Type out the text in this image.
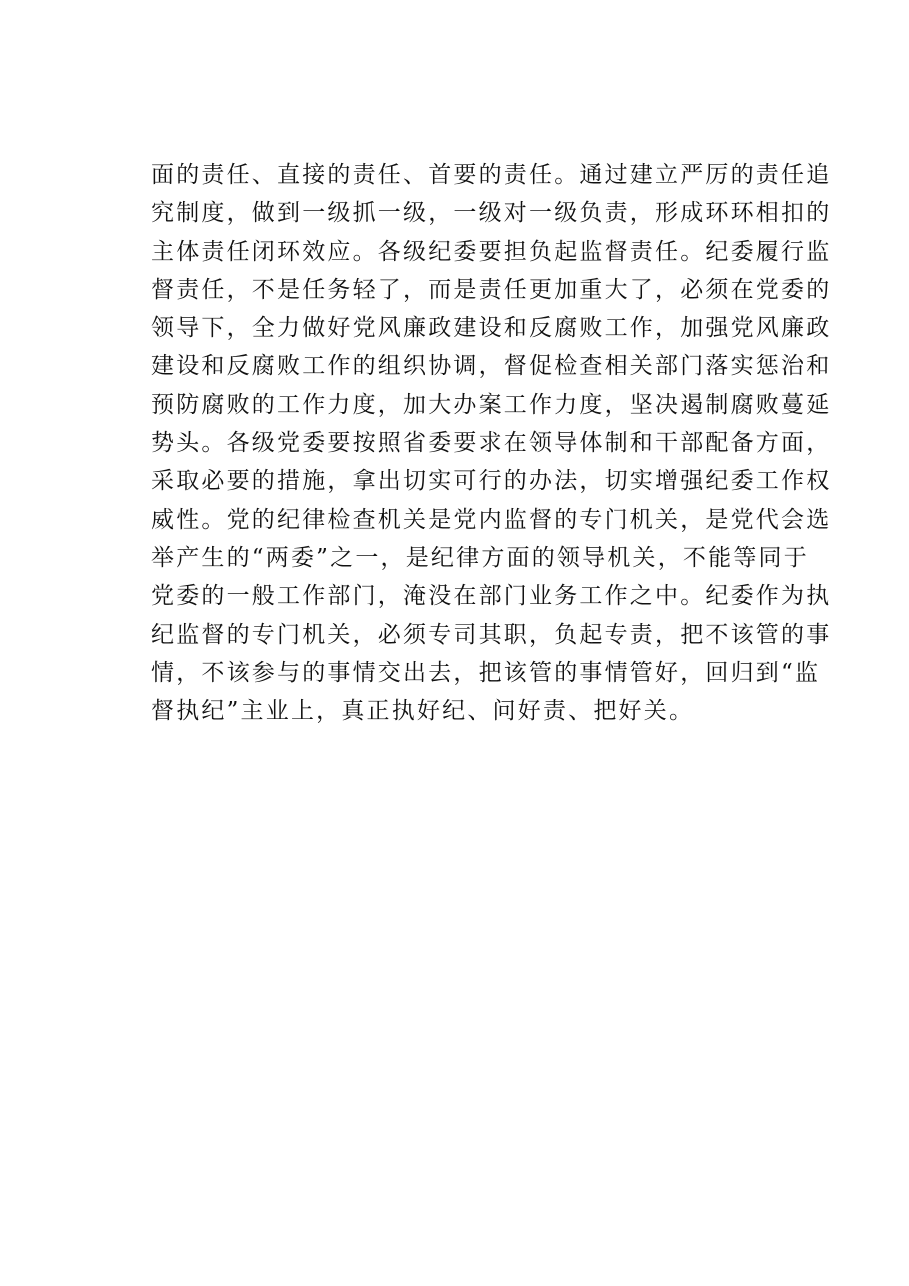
面的责任、直接的责任、首要的责任。通过建立严厉的责任追
究制度，做到一级抓一级，一级对一级负责，形成环环相扣的
主体责任闭环效应。各级纪委要担负起监督责任。纪委履行监
督责任，不是任务轻了，而是责任更加重大了，必须在党委的
领导下，全力做好党风廉政建设和反腐败工作，加强党风廉政
建设和反腐败工作的组织协调，督促检查相关部门落实惩治和
预防腐败的工作力度，加大办案工作力度，坚决遏制腐败蔓延
势头。各级党委要按照省委要求在领导体制和干部配备方面，
采取必要的措施，拿出切实可行的办法，切实增强纪委工作权
威性。党的纪律检查机关是党内监督的专门机关，是党代会选
举产生的“两委”之一，是纪律方面的领导机关，不能等同于
党委的一般工作部门，淹没在部门业务工作之中。纪委作为执
纪监督的专门机关，必须专司其职，负起专责，把不该管的事
情，不该参与的事情交出去，把该管的事情管好，回归到“监
督执纪”主业上，真正执好纪、问好责、把好关。
